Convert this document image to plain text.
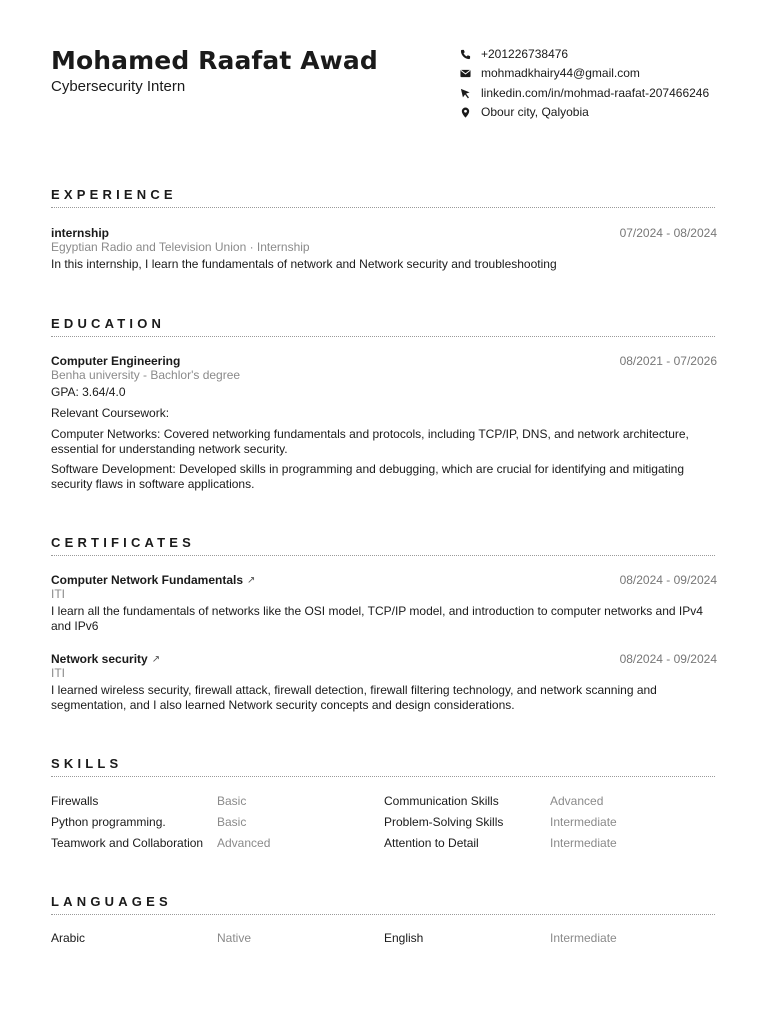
Mohamed Raafat Awad
Cybersecurity Intern
+201226738476
mohmadkhairy44@gmail.com
linkedin.com/in/mohmad-raafat-207466246
Obour city, Qalyobia
EXPERIENCE
internship	07/2024 - 08/2024
Egyptian Radio and Television Union · Internship
In this internship, I learn the fundamentals of network and Network security and troubleshooting
EDUCATION
Computer Engineering	08/2021 - 07/2026
Benha university - Bachlor's degree
GPA: 3.64/4.0
Relevant Coursework:
Computer Networks: Covered networking fundamentals and protocols, including TCP/IP, DNS, and network architecture, essential for understanding network security.
Software Development: Developed skills in programming and debugging, which are crucial for identifying and mitigating security flaws in software applications.
CERTIFICATES
Computer Network Fundamentals ↗	08/2024 - 09/2024
ITI
I learn all the fundamentals of networks like the OSI model, TCP/IP model, and introduction to computer networks and IPv4 and IPv6
Network security ↗	08/2024 - 09/2024
ITI
I learned wireless security, firewall attack, firewall detection, firewall filtering technology, and network scanning and segmentation, and I also learned Network security concepts and design considerations.
SKILLS
Firewalls	Basic	Communication Skills	Advanced
Python programming.	Basic	Problem-Solving Skills	Intermediate
Teamwork and Collaboration Advanced	Attention to Detail	Intermediate
LANGUAGES
Arabic	Native	English	Intermediate
